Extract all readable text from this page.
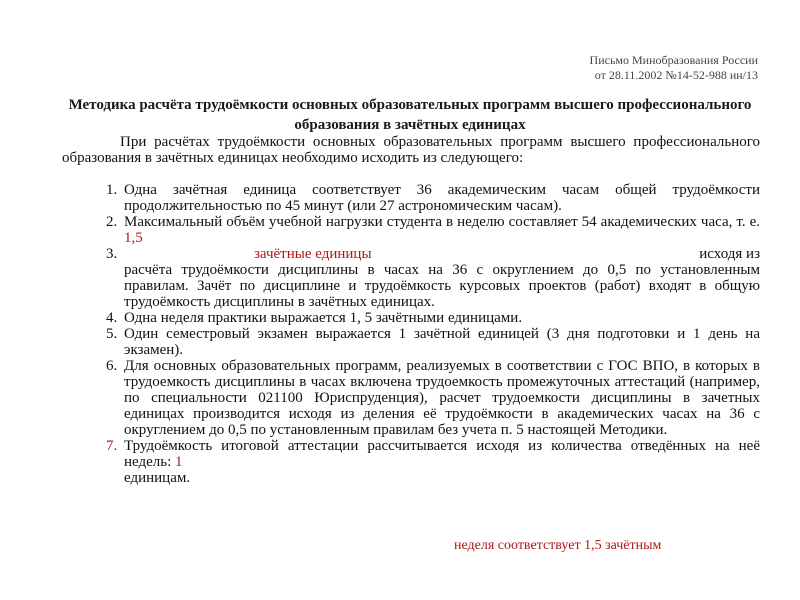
Письмо Минобразования России
от 28.11.2002 №14-52-988 ин/13
Методика расчёта трудоёмкости основных образовательных программ высшего профессионального образования в зачётных единицах
При расчётах трудоёмкости основных образовательных программ высшего профессионального образования в зачётных единицах необходимо исходить из следующего:
1. Одна зачётная единица соответствует 36 академическим часам общей трудоёмкости продолжительностью по 45 минут (или 27 астрономическим часам).
2. Максимальный объём учебной нагрузки студента в неделю составляет 54 академических часа, т. е. 1,5
3.	зачётные единицы	исходя из
расчёта трудоёмкости дисциплины в часах на 36 с округлением до 0,5 по установленным правилам. Зачёт по дисциплине и трудоёмкость курсовых проектов (работ) входят в общую трудоёмкость дисциплины в зачётных единицах.
4. Одна неделя практики выражается 1, 5 зачётными единицами.
5. Один семестровый экзамен выражается 1 зачётной единицей (3 дня подготовки и 1 день на экзамен).
6. Для основных образовательных программ, реализуемых в соответствии с ГОС ВПО, в которых в трудоемкость дисциплины в часах включена трудоемкость промежуточных аттестаций (например, по специальности 021100 Юриспруденция), расчет трудоемкости дисциплины в зачетных единицах производится исходя из деления её трудоёмкости в академических часах на 36 с округлением до 0,5 по установленным правилам без учета п. 5 настоящей Методики.
7. Трудоёмкость итоговой аттестации рассчитывается исходя из количества отведённых на неё недель: 1
единицам.
неделя соответствует 1,5 зачётным
